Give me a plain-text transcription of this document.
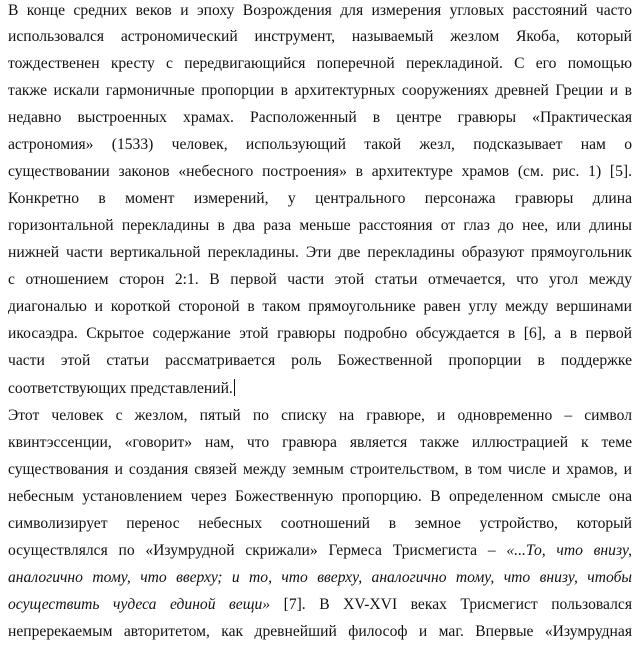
В конце средних веков и эпоху Возрождения для измерения угловых расстояний часто
использовался астрономический инструмент, называемый жезлом Якоба, который
тождественен кресту с передвигающийся поперечной перекладиной. С его помощью
также искали гармоничные пропорции в архитектурных сооружениях древней Греции и в
недавно выстроенных храмах. Расположенный в центре гравюры «Практическая
астрономия» (1533) человек, использующий такой жезл, подсказывает нам о
существовании законов «небесного построения» в архитектуре храмов (см. рис. 1) [5].
Конкретно в момент измерений, у центрального персонажа гравюры длина
горизонтальной перекладины в два раза меньше расстояния от глаз до нее, или длины
нижней части вертикальной перекладины. Эти две перекладины образуют прямоугольник
с отношением сторон 2:1. В первой части этой статьи отмечается, что угол между
диагональю и короткой стороной в таком прямоугольнике равен углу между вершинами
икосаэдра. Скрытое содержание этой гравюры подробно обсуждается в [6], а в первой
части этой статьи рассматривается роль Божественной пропорции в поддержке
соответствующих представлений.
Этот человек с жезлом, пятый по списку на гравюре, и одновременно – символ
квинтэссенции, «говорит» нам, что гравюра является также иллюстрацией к теме
существования и создания связей между земным строительством, в том числе и храмов, и
небесным установлением через Божественную пропорцию. В определенном смысле она
символизирует перенос небесных соотношений в земное устройство, который
осуществлялся по «Изумрудной скрижали» Гермеса Трисмегиста – «...То, что внизу,
аналогично тому, что вверху; и то, что вверху, аналогично тому, что внизу, чтобы
осуществить чудеса единой вещи» [7]. В XV-XVI веках Трисмегист пользовался
непререкаемым авторитетом, как древнейший философ и маг. Впервые «Изумрудная
